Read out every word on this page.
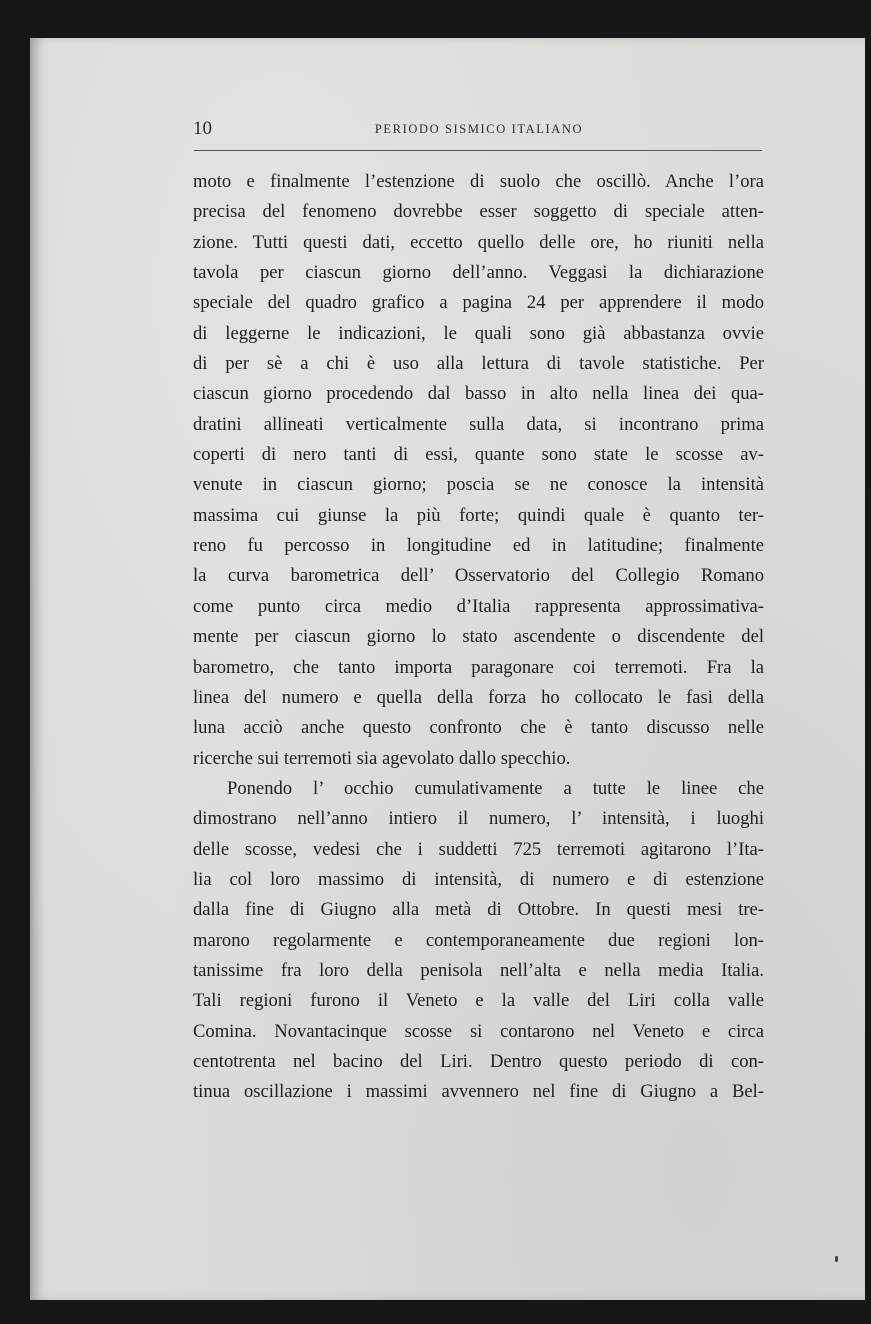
10	PERIODO SISMICO ITALIANO
moto e finalmente l’estenzione di suolo che oscillò. Anche l’ora
precisa del fenomeno dovrebbe esser soggetto di speciale atten-
zione. Tutti questi dati, eccetto quello delle ore, ho riuniti nella
tavola per ciascun giorno dell’anno. Veggasi la dichiarazione
speciale del quadro grafico a pagina 24 per apprendere il modo
di leggerne le indicazioni, le quali sono già abbastanza ovvie
di per sè a chi è uso alla lettura di tavole statistiche. Per
ciascun giorno procedendo dal basso in alto nella linea dei qua-
dratini allineati verticalmente sulla data, si incontrano prima
coperti di nero tanti di essi, quante sono state le scosse av-
venute in ciascun giorno; poscia se ne conosce la intensità
massima cui giunse la più forte; quindi quale è quanto ter-
reno fu percosso in longitudine ed in latitudine; finalmente
la curva barometrica dell’ Osservatorio del Collegio Romano
come punto circa medio d’Italia rappresenta approssimativa-
mente per ciascun giorno lo stato ascendente o discendente del
barometro, che tanto importa paragonare coi terremoti. Fra la
linea del numero e quella della forza ho collocato le fasi della
luna acciò anche questo confronto che è tanto discusso nelle
ricerche sui terremoti sia agevolato dallo specchio.
Ponendo l’ occhio cumulativamente a tutte le linee che
dimostrano nell’anno intiero il numero, l’ intensità, i luoghi
delle scosse, vedesi che i suddetti 725 terremoti agitarono l’Ita-
lia col loro massimo di intensità, di numero e di estenzione
dalla fine di Giugno alla metà di Ottobre. In questi mesi tre-
marono regolarmente e contemporaneamente due regioni lon-
tanissime fra loro della penisola nell’alta e nella media Italia.
Tali regioni furono il Veneto e la valle del Liri colla valle
Comina. Novantacinque scosse si contarono nel Veneto e circa
centotrenta nel bacino del Liri. Dentro questo periodo di con-
tinua oscillazione i massimi avvennero nel fine di Giugno a Bel-
